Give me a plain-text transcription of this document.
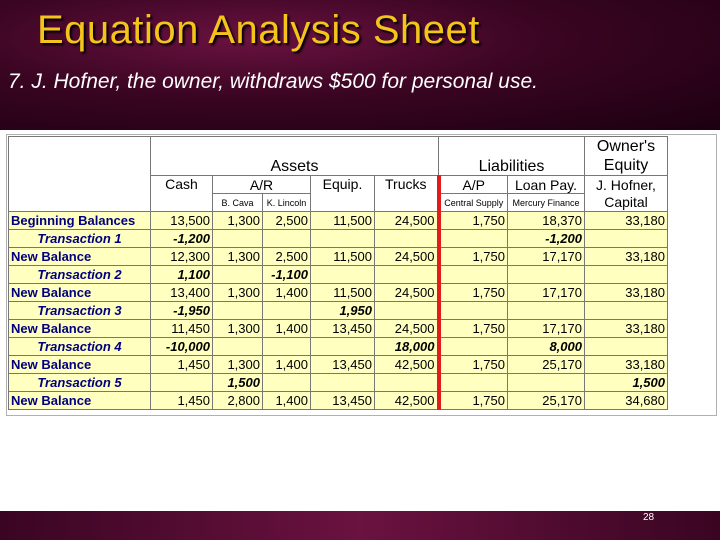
Equation Analysis Sheet
7. J. Hofner, the owner, withdraws $500 for personal use.
	Assets					Liabilities		Owner's Equity
	Cash	A/R		Equip.	Trucks	A/P	Loan Pay.	J. Hofner, Capital
		B. Cava	K. Lincoln			Central Supply	Mercury Finance	
Beginning Balances	13,500	1,300	2,500	11,500	24,500	1,750	18,370	33,180
Transaction 1	-1,200						-1,200	
New Balance	12,300	1,300	2,500	11,500	24,500	1,750	17,170	33,180
Transaction 2	1,100		-1,100					
New Balance	13,400	1,300	1,400	11,500	24,500	1,750	17,170	33,180
Transaction 3	-1,950			1,950				
New Balance	11,450	1,300	1,400	13,450	24,500	1,750	17,170	33,180
Transaction 4	-10,000				18,000		8,000	
New Balance	1,450	1,300	1,400	13,450	42,500	1,750	25,170	33,180
Transaction 5		1,500						1,500
New Balance	1,450	2,800	1,400	13,450	42,500	1,750	25,170	34,680
28
